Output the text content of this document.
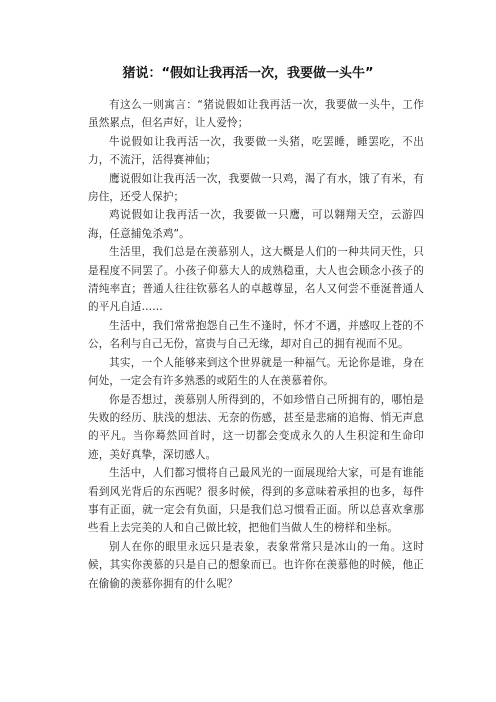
猪说：“假如让我再活一次，我要做一头牛”

有这么一则寓言：“猪说假如让我再活一次，我要做一头牛，工作虽然累点，但名声好，让人爱怜；

牛说假如让我再活一次，我要做一头猪，吃罢睡，睡罢吃，不出力，不流汗，活得赛神仙；

鹰说假如让我再活一次，我要做一只鸡，渴了有水，饿了有米，有房住，还受人保护；

鸡说假如让我再活一次，我要做一只鹰，可以翱翔天空，云游四海，任意捕兔杀鸡”。

生活里，我们总是在羡慕别人，这大概是人们的一种共同天性，只是程度不同罢了。小孩子仰慕大人的成熟稳重，大人也会顾念小孩子的清纯率直；普通人往往钦慕名人的卓越尊显，名人又何尝不垂涎普通人的平凡自适……

生活中，我们常常抱怨自己生不逢时，怀才不遇，并感叹上苍的不公，名利与自己无份，富贵与自己无缘，却对自己的拥有视而不见。

其实，一个人能够来到这个世界就是一种福气。无论你是谁，身在何处，一定会有许多熟悉的或陌生的人在羡慕着你。

你是否想过，羡慕别人所得到的，不如珍惜自己所拥有的，哪怕是失败的经历、肤浅的想法、无奈的伤感，甚至是悲痛的追悔、悄无声息的平凡。当你蓦然回首时，这一切都会变成永久的人生积淀和生命印迹，美好真挚，深切感人。

生活中，人们都习惯将自己最风光的一面展现给大家，可是有谁能看到风光背后的东西呢？很多时候，得到的多意味着承担的也多，每件事有正面，就一定会有负面，只是我们总习惯看正面。所以总喜欢拿那些看上去完美的人和自己做比较，把他们当做人生的榜样和坐标。

别人在你的眼里永远只是表象，表象常常只是冰山的一角。这时候，其实你羡慕的只是自己的想象而已。也许你在羡慕他的时候，他正在偷偷的羡慕你拥有的什么呢？
